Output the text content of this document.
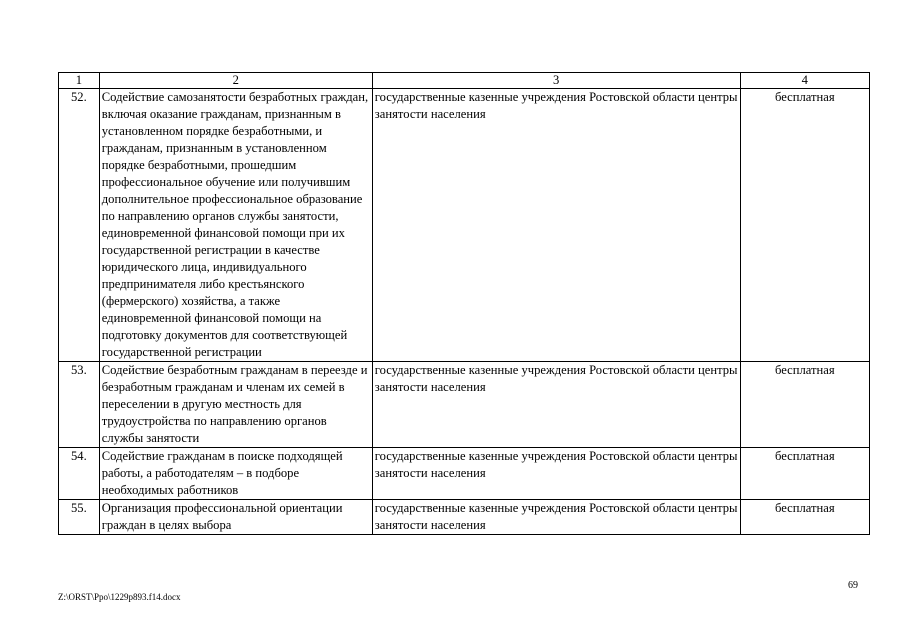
1	2	3	4
52.	Содействие самозанятости безработных граждан, включая оказание гражданам, признанным в установленном порядке безработными, и гражданам, признанным в установленном порядке безработными, прошедшим профессиональное обучение или получившим дополнительное профессиональное образование по направлению органов службы занятости, единовременной финансовой помощи при их государственной регистрации в качестве юридического лица, индивидуального предпринимателя либо крестьянского (фермерского) хозяйства, а также единовременной финансовой помощи на подготовку документов для соответствующей государственной регистрации	государственные казенные учреждения Ростовской области центры занятости населения	бесплатная
53.	Содействие безработным гражданам в переезде и безработным гражданам и членам их семей в переселении в другую местность для трудоустройства по направлению органов службы занятости	государственные казенные учреждения Ростовской области центры занятости населения	бесплатная
54.	Содействие гражданам в поиске подходящей работы, а работодателям – в подборе необходимых работников	государственные казенные учреждения Ростовской области центры занятости населения	бесплатная
55.	Организация профессиональной ориентации граждан в целях выбора	государственные казенные учреждения Ростовской области центры занятости населения	бесплатная
69
Z:\ORST\Ppo\1229p893.f14.docx
